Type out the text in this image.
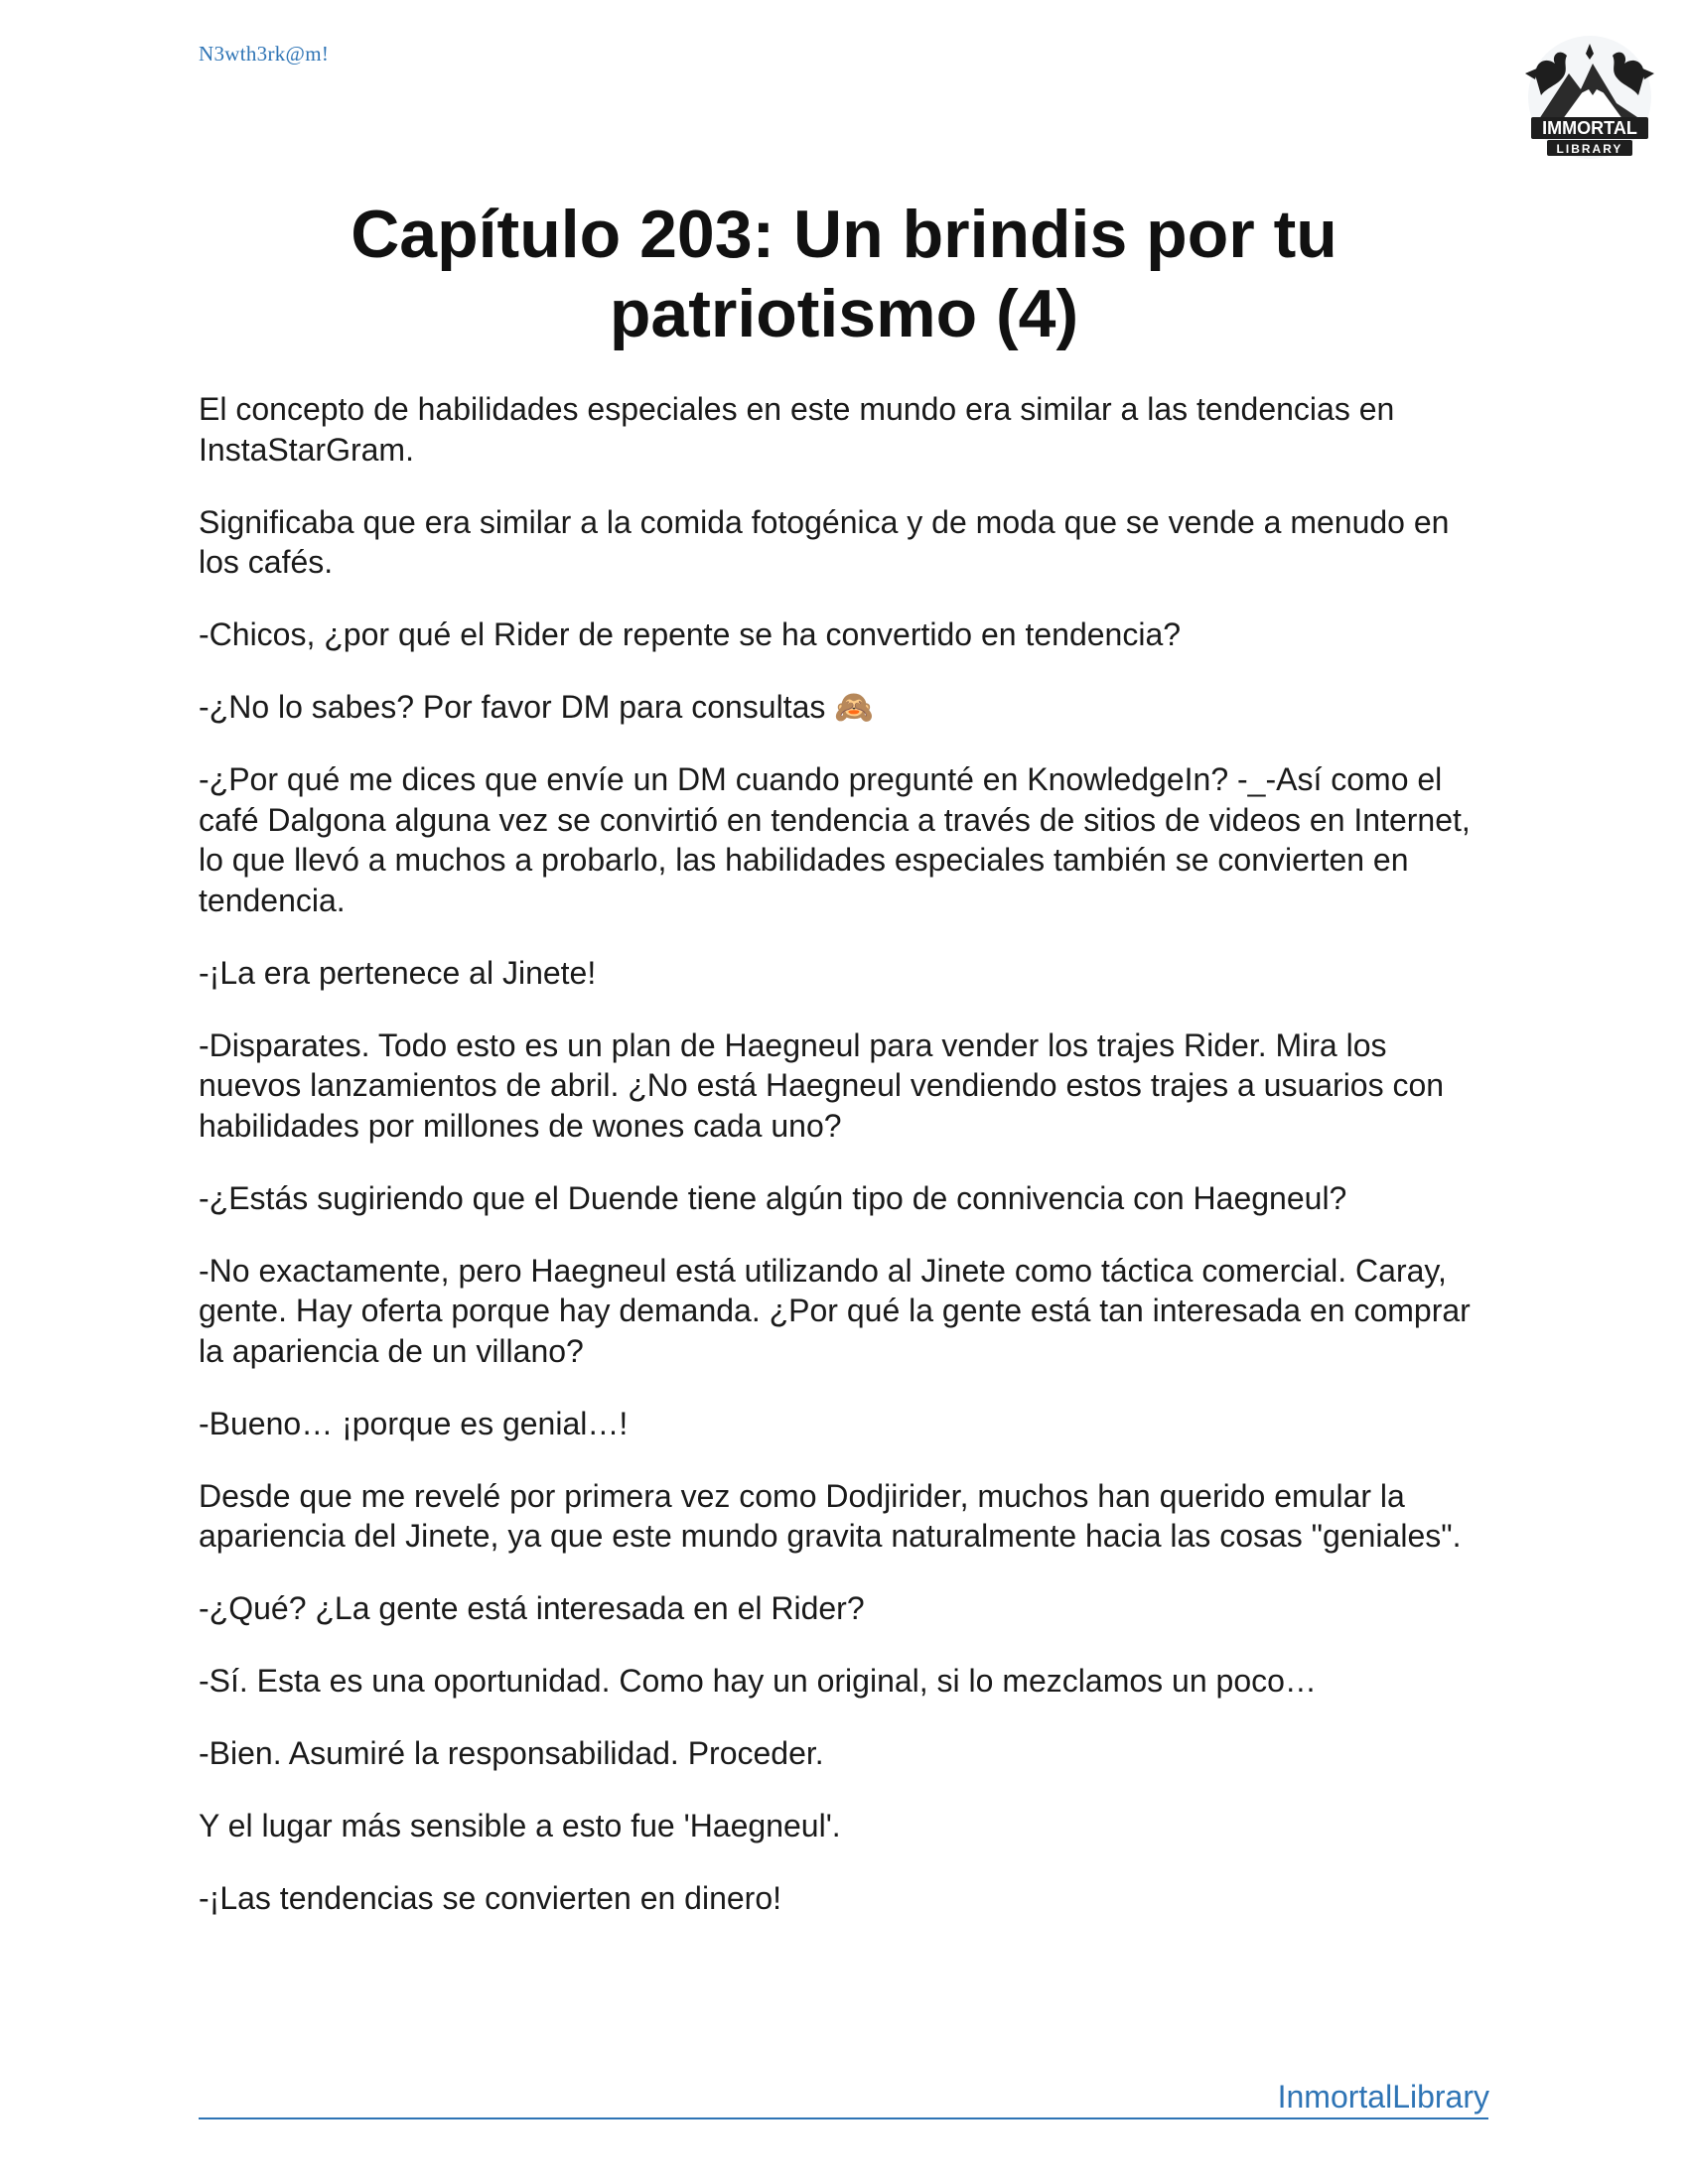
N3wth3rk@m!
IMMORTAL
LIBRARY
Capítulo 203: Un brindis por tu patriotismo (4)

El concepto de habilidades especiales en este mundo era similar a las tendencias en InstaStarGram.

Significaba que era similar a la comida fotogénica y de moda que se vende a menudo en los cafés.

-Chicos, ¿por qué el Rider de repente se ha convertido en tendencia?

-¿No lo sabes? Por favor DM para consultas 🙈

-¿Por qué me dices que envíe un DM cuando pregunté en KnowledgeIn? -_-Así como el café Dalgona alguna vez se convirtió en tendencia a través de sitios de videos en Internet, lo que llevó a muchos a probarlo, las habilidades especiales también se convierten en tendencia.

-¡La era pertenece al Jinete!

-Disparates. Todo esto es un plan de Haegneul para vender los trajes Rider. Mira los nuevos lanzamientos de abril. ¿No está Haegneul vendiendo estos trajes a usuarios con habilidades por millones de wones cada uno?

-¿Estás sugiriendo que el Duende tiene algún tipo de connivencia con Haegneul?

-No exactamente, pero Haegneul está utilizando al Jinete como táctica comercial. Caray, gente. Hay oferta porque hay demanda. ¿Por qué la gente está tan interesada en comprar la apariencia de un villano?

-Bueno… ¡porque es genial…!

Desde que me revelé por primera vez como Dodjirider, muchos han querido emular la apariencia del Jinete, ya que este mundo gravita naturalmente hacia las cosas "geniales".

-¿Qué? ¿La gente está interesada en el Rider?

-Sí. Esta es una oportunidad. Como hay un original, si lo mezclamos un poco…

-Bien. Asumiré la responsabilidad. Proceder.

Y el lugar más sensible a esto fue 'Haegneul'.

-¡Las tendencias se convierten en dinero!

InmortalLibrary
